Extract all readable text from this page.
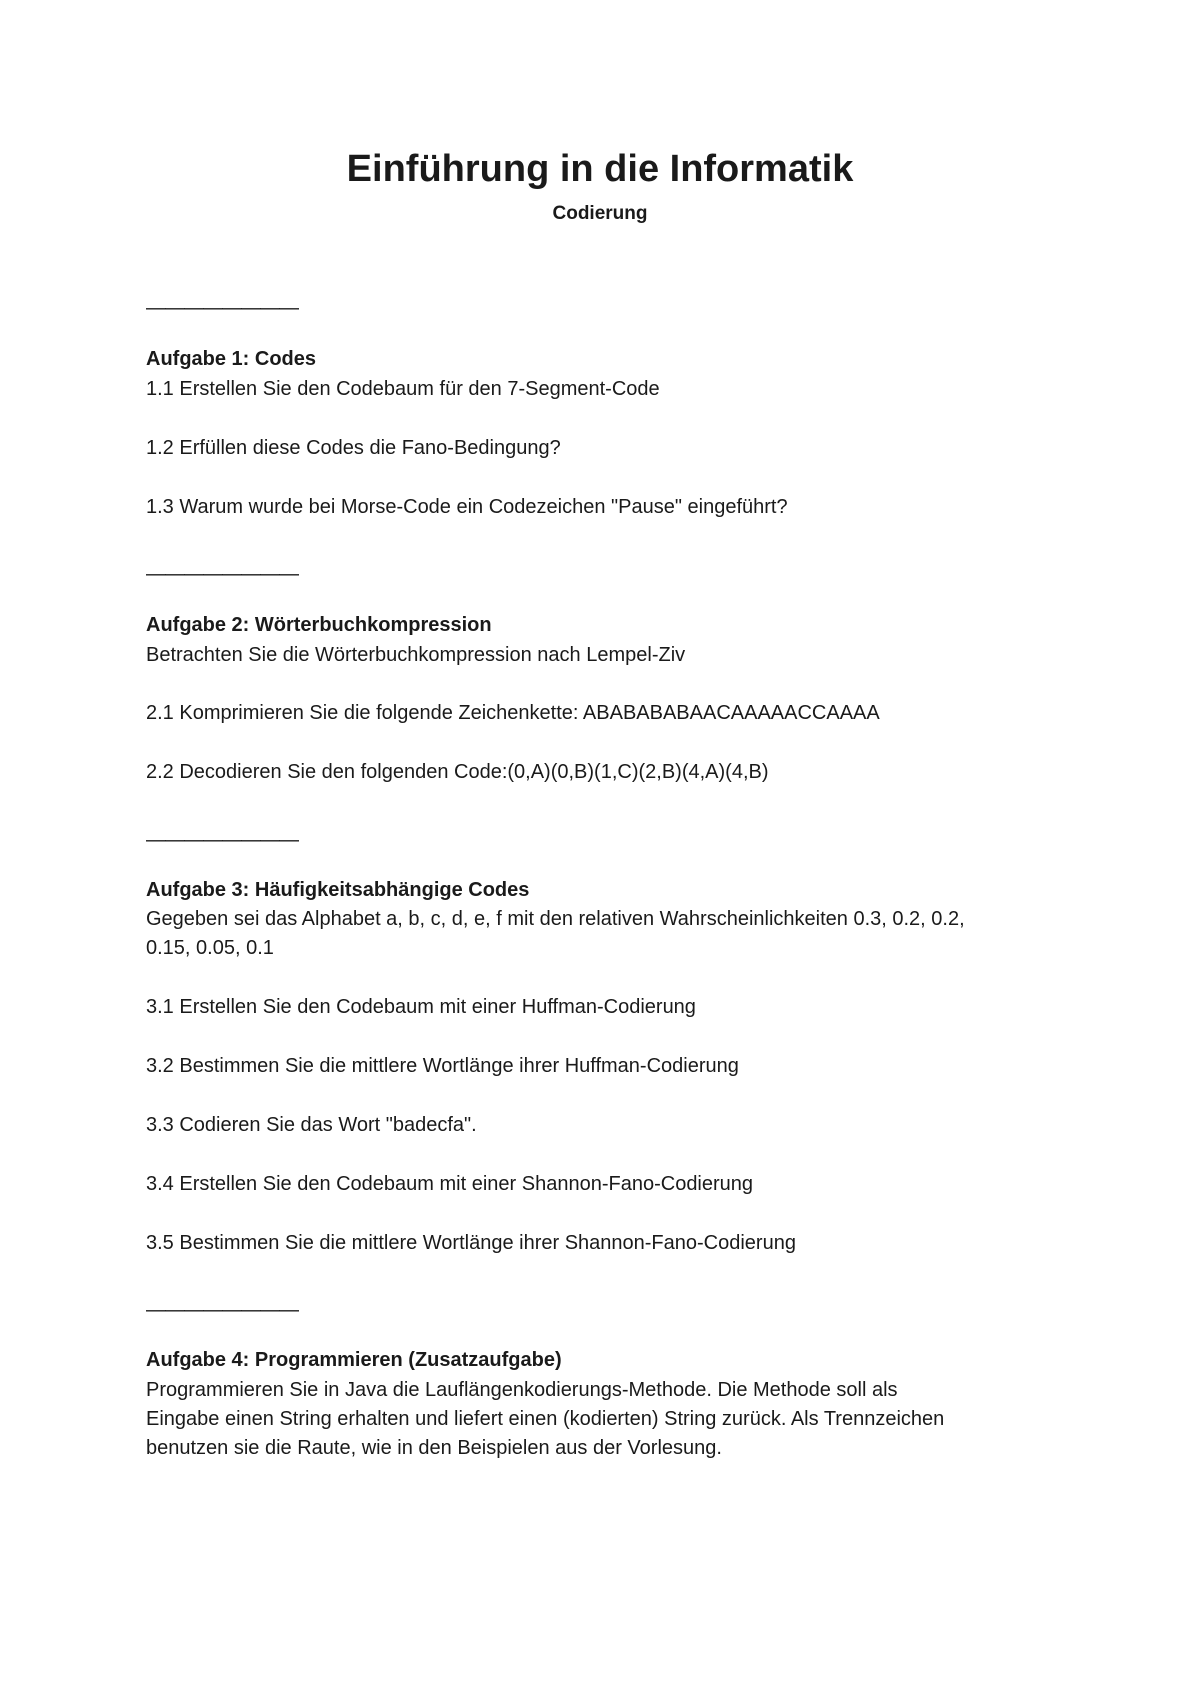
Einführung in die Informatik
Codierung
————————
Aufgabe 1: Codes
1.1 Erstellen Sie den Codebaum für den 7-Segment-Code
1.2 Erfüllen diese Codes die Fano-Bedingung?
1.3 Warum wurde bei Morse-Code ein Codezeichen "Pause" eingeführt?
————————
Aufgabe 2: Wörterbuchkompression
Betrachten Sie die Wörterbuchkompression nach Lempel-Ziv
2.1 Komprimieren Sie die folgende Zeichenkette: ABABABABAACAAAAACCAAAA
2.2 Decodieren Sie den folgenden Code:(0,A)(0,B)(1,C)(2,B)(4,A)(4,B)
————————
Aufgabe 3: Häufigkeitsabhängige Codes
Gegeben sei das Alphabet a, b, c, d, e, f mit den relativen Wahrscheinlichkeiten 0.3, 0.2, 0.2,
0.15, 0.05, 0.1
3.1 Erstellen Sie den Codebaum mit einer Huffman-Codierung
3.2 Bestimmen Sie die mittlere Wortlänge ihrer Huffman-Codierung
3.3 Codieren Sie das Wort "badecfa".
3.4 Erstellen Sie den Codebaum mit einer Shannon-Fano-Codierung
3.5 Bestimmen Sie die mittlere Wortlänge ihrer Shannon-Fano-Codierung
————————
Aufgabe 4: Programmieren (Zusatzaufgabe)
Programmieren Sie in Java die Lauflängenkodierungs-Methode. Die Methode soll als
Eingabe einen String erhalten und liefert einen (kodierten) String zurück. Als Trennzeichen
benutzen sie die Raute, wie in den Beispielen aus der Vorlesung.
